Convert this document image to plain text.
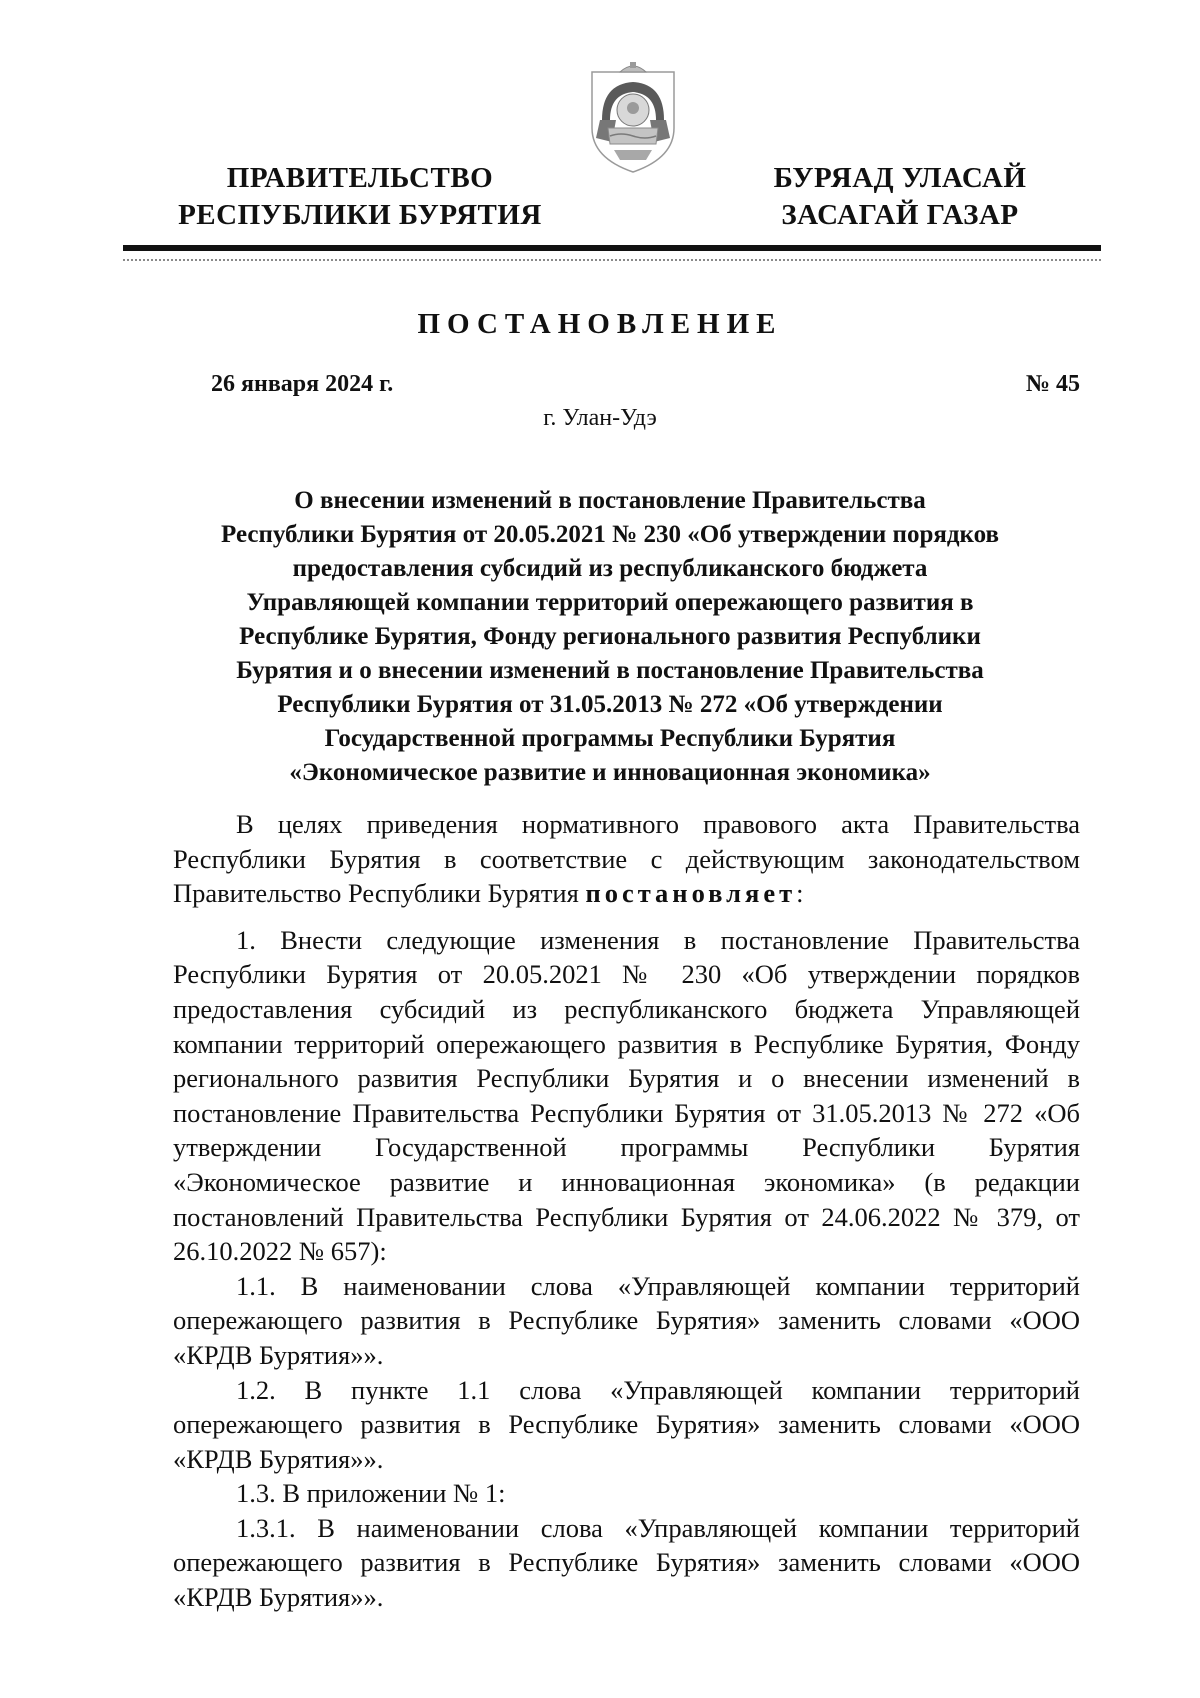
ПРАВИТЕЛЬСТВО
РЕСПУБЛИКИ БУРЯТИЯ
БУРЯАД УЛАСАЙ
ЗАСАГАЙ ГАЗАР
ПОСТАНОВЛЕНИЕ
26 января 2024 г.	№ 45
г. Улан-Удэ
О внесении изменений в постановление Правительства
Республики Бурятия от 20.05.2021 № 230 «Об утверждении порядков
предоставления субсидий из республиканского бюджета
Управляющей компании территорий опережающего развития в
Республике Бурятия, Фонду регионального развития Республики
Бурятия и о внесении изменений в постановление Правительства
Республики Бурятия от 31.05.2013 № 272 «Об утверждении
Государственной программы Республики Бурятия
«Экономическое развитие и инновационная экономика»

В целях приведения нормативного правового акта Правительства Республики Бурятия в соответствие с действующим законодательством Правительство Республики Бурятия постановляет:

1. Внести следующие изменения в постановление Правительства Республики Бурятия от 20.05.2021 № 230 «Об утверждении порядков предоставления субсидий из республиканского бюджета Управляющей компании территорий опережающего развития в Республике Бурятия, Фонду регионального развития Республики Бурятия и о внесении изменений в постановление Правительства Республики Бурятия от 31.05.2013 № 272 «Об утверждении Государственной программы Республики Бурятия «Экономическое развитие и инновационная экономика» (в редакции постановлений Правительства Республики Бурятия от 24.06.2022 № 379, от 26.10.2022 № 657):

1.1. В наименовании слова «Управляющей компании территорий опережающего развития в Республике Бурятия» заменить словами «ООО «КРДВ Бурятия»».

1.2. В пункте 1.1 слова «Управляющей компании территорий опережающего развития в Республике Бурятия» заменить словами «ООО «КРДВ Бурятия»».

1.3. В приложении № 1:

1.3.1. В наименовании слова «Управляющей компании территорий опережающего развития в Республике Бурятия» заменить словами «ООО «КРДВ Бурятия»».
